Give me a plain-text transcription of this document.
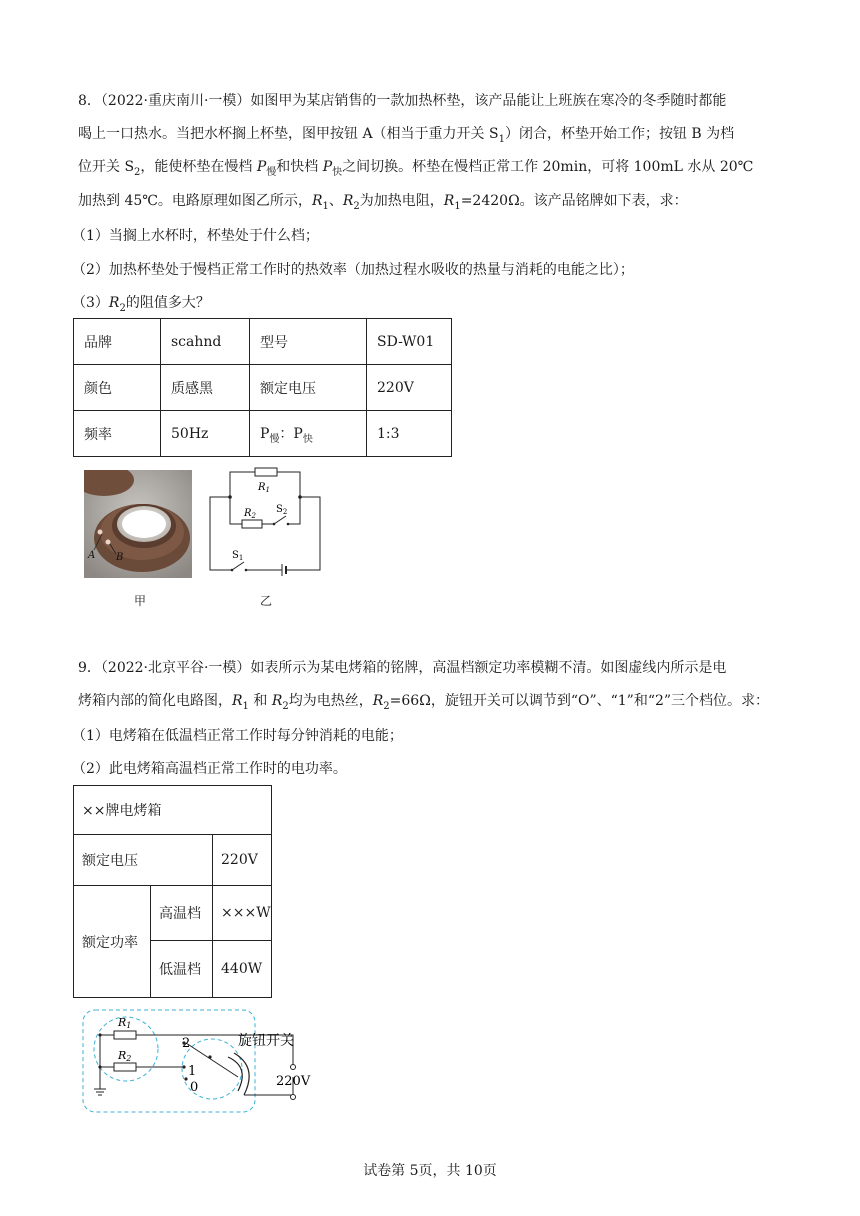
8．（2022·重庆南川·一模）如图甲为某店销售的一款加热杯垫，该产品能让上班族在寒冷的冬季随时都能
喝上一口热水。当把水杯搁上杯垫，图甲按钮 A（相当于重力开关 $S_1$）闭合，杯垫开始工作；按钮 B 为档
位开关 $S_2$，能使杯垫在慢档 $P_慢$和快档 $P_快$之间切换。杯垫在慢档正常工作 20min，可将 100mL 水从 20℃
加热到 45℃。电路原理如图乙所示，$R_1$、$R_2$为加热电阻，$R_1=2420\Omega$。该产品铭牌如下表，求：
（1）当搁上水杯时，杯垫处于什么档；
（2）加热杯垫处于慢档正常工作时的热效率（加热过程水吸收的热量与消耗的电能之比）；
$(3)R_2$的阻值多大？
品牌	scahnd	型号	SD-W01
颜色	质感黑	额定电压	220V
频率	50Hz	$P_慢$：$P_快$	1:3
A B
甲
$R_1$
$R_2$
$S_2$
$S_1$
乙
9．（2022·北京平谷·一模）如表所示为某电烤箱的铭牌，高温档额定功率模糊不清。如图虚线内所示是电
烤箱内部的简化电路图，$R_1$ 和 $R_2$均为电热丝，$R_2=66\Omega$，旋钮开关可以调节到“O”、“1”和“2”三个档位。求：
（1）电烤箱在低温档正常工作时每分钟消耗的电能；
（2）此电烤箱高温档正常工作时的电功率。
××牌电烤箱		
额定电压		220V
额定功率	高温档	×××W
	低温档	440W
R1
R2
2
1
0
旋钮开关
220V
试卷第 5页，共 10页
